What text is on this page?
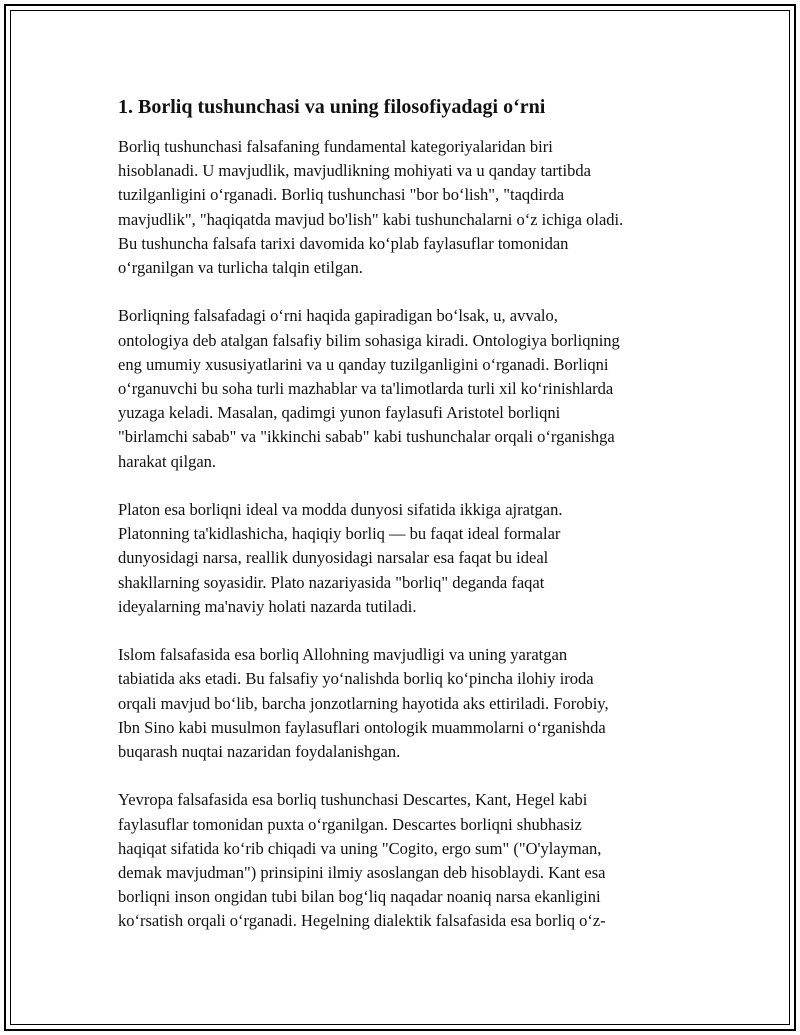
1. Borliq tushunchasi va uning filosofiyadagi o‘rni
Borliq tushunchasi falsafaning fundamental kategoriyalaridan biri
hisoblanadi. U mavjudlik, mavjudlikning mohiyati va u qanday tartibda
tuzilganligini o‘rganadi. Borliq tushunchasi "bor bo‘lish", "taqdirda
mavjudlik", "haqiqatda mavjud bo'lish" kabi tushunchalarni o‘z ichiga oladi.
Bu tushuncha falsafa tarixi davomida ko‘plab faylasuflar tomonidan
o‘rganilgan va turlicha talqin etilgan.
Borliqning falsafadagi o‘rni haqida gapiradigan bo‘lsak, u, avvalo,
ontologiya deb atalgan falsafiy bilim sohasiga kiradi. Ontologiya borliqning
eng umumiy xususiyatlarini va u qanday tuzilganligini o‘rganadi. Borliqni
o‘rganuvchi bu soha turli mazhablar va ta'limotlarda turli xil ko‘rinishlarda
yuzaga keladi. Masalan, qadimgi yunon faylasufi Aristotel borliqni
"birlamchi sabab" va "ikkinchi sabab" kabi tushunchalar orqali o‘rganishga
harakat qilgan.
Platon esa borliqni ideal va modda dunyosi sifatida ikkiga ajratgan.
Platonning ta'kidlashicha, haqiqiy borliq — bu faqat ideal formalar
dunyosidagi narsa, reallik dunyosidagi narsalar esa faqat bu ideal
shakllarning soyasidir. Plato nazariyasida "borliq" deganda faqat
ideyalarning ma'naviy holati nazarda tutiladi.
Islom falsafasida esa borliq Allohning mavjudligi va uning yaratgan
tabiatida aks etadi. Bu falsafiy yo‘nalishda borliq ko‘pincha ilohiy iroda
orqali mavjud bo‘lib, barcha jonzotlarning hayotida aks ettiriladi. Forobiy,
Ibn Sino kabi musulmon faylasuflari ontologik muammolarni o‘rganishda
buqarash nuqtai nazaridan foydalanishgan.
Yevropa falsafasida esa borliq tushunchasi Descartes, Kant, Hegel kabi
faylasuflar tomonidan puxta o‘rganilgan. Descartes borliqni shubhasiz
haqiqat sifatida ko‘rib chiqadi va uning "Cogito, ergo sum" ("O'ylayman,
demak mavjudman") prinsipini ilmiy asoslangan deb hisoblaydi. Kant esa
borliqni inson ongidan tubi bilan bog‘liq naqadar noaniq narsa ekanligini
ko‘rsatish orqali o‘rganadi. Hegelning dialektik falsafasida esa borliq o‘z-
